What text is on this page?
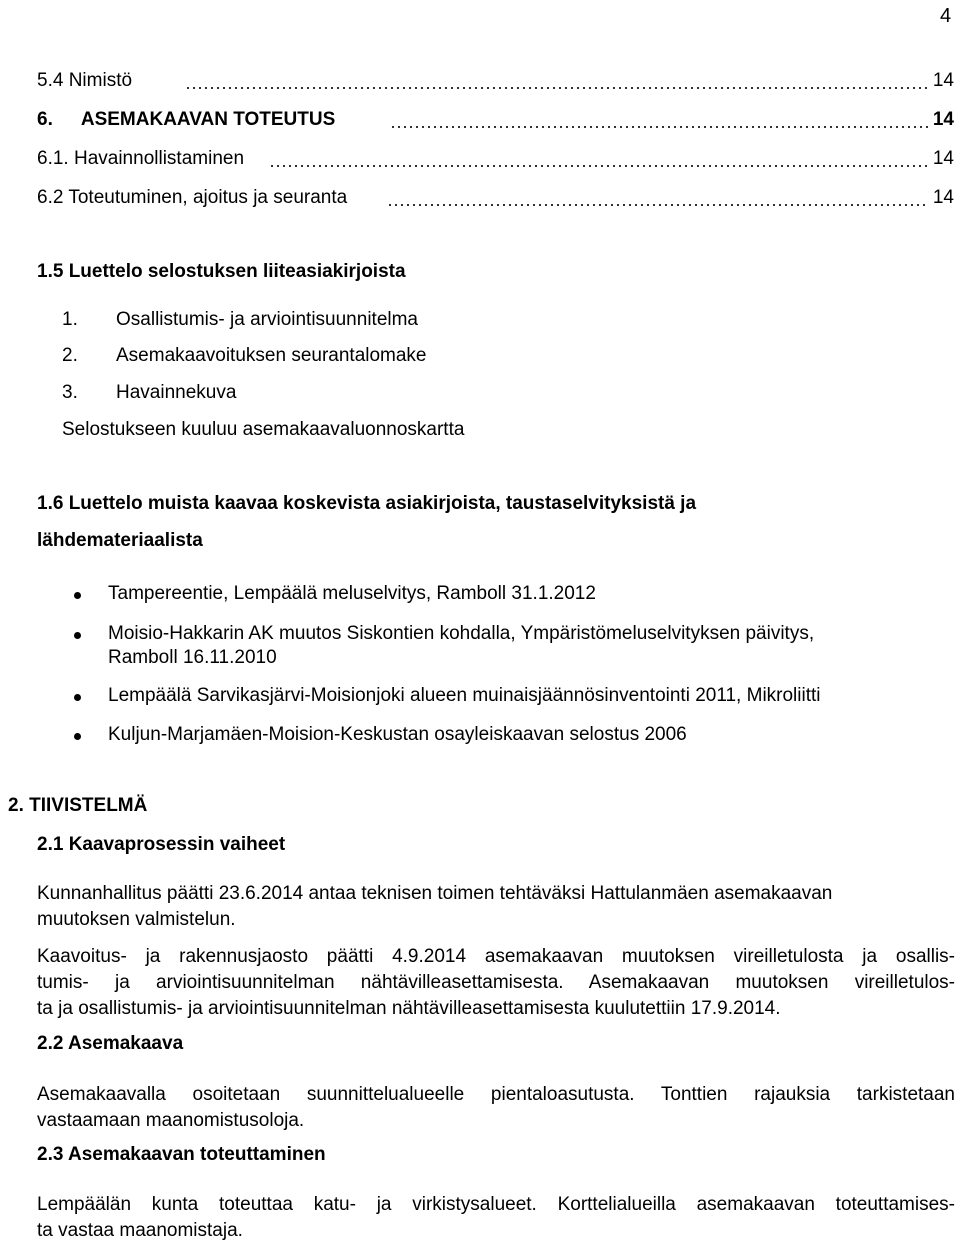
4
5.4 Nimistö	14
6. ASEMAKAAVAN TOTEUTUS	14
6.1. Havainnollistaminen	14
6.2 Toteutuminen, ajoitus ja seuranta	14
1.5 Luettelo selostuksen liiteasiakirjoista
1. Osallistumis- ja arviointisuunnitelma
2. Asemakaavoituksen seurantalomake
3. Havainnekuva
Selostukseen kuuluu asemakaavaluonnoskartta
1.6 Luettelo muista kaavaa koskevista asiakirjoista, taustaselvityksistä ja
lähdemateriaalista
Tampereentie, Lempäälä meluselvitys, Ramboll 31.1.2012
Moisio-Hakkarin AK muutos Siskontien kohdalla, Ympäristömeluselvityksen päivitys,
Ramboll 16.11.2010
Lempäälä Sarvikasjärvi-Moisionjoki alueen muinaisjäännösinventointi 2011, Mikroliitti
Kuljun-Marjamäen-Moision-Keskustan osayleiskaavan selostus 2006
2. TIIVISTELMÄ
2.1 Kaavaprosessin vaiheet
Kunnanhallitus päätti 23.6.2014 antaa teknisen toimen tehtäväksi Hattulanmäen asemakaavan
muutoksen valmistelun.
Kaavoitus- ja rakennusjaosto päätti 4.9.2014 asemakaavan muutoksen vireilletulosta ja osallis-
tumis- ja arviointisuunnitelman nähtävilleasettamisesta. Asemakaavan muutoksen vireilletulos-
ta ja osallistumis- ja arviointisuunnitelman nähtävilleasettamisesta kuulutettiin 17.9.2014.
2.2 Asemakaava
Asemakaavalla osoitetaan suunnittelualueelle pientaloasutusta. Tonttien rajauksia tarkistetaan
vastaamaan maanomistusoloja.
2.3 Asemakaavan toteuttaminen
Lempäälän kunta toteuttaa katu- ja virkistysalueet. Korttelialueilla asemakaavan toteuttamises-
ta vastaa maanomistaja.
